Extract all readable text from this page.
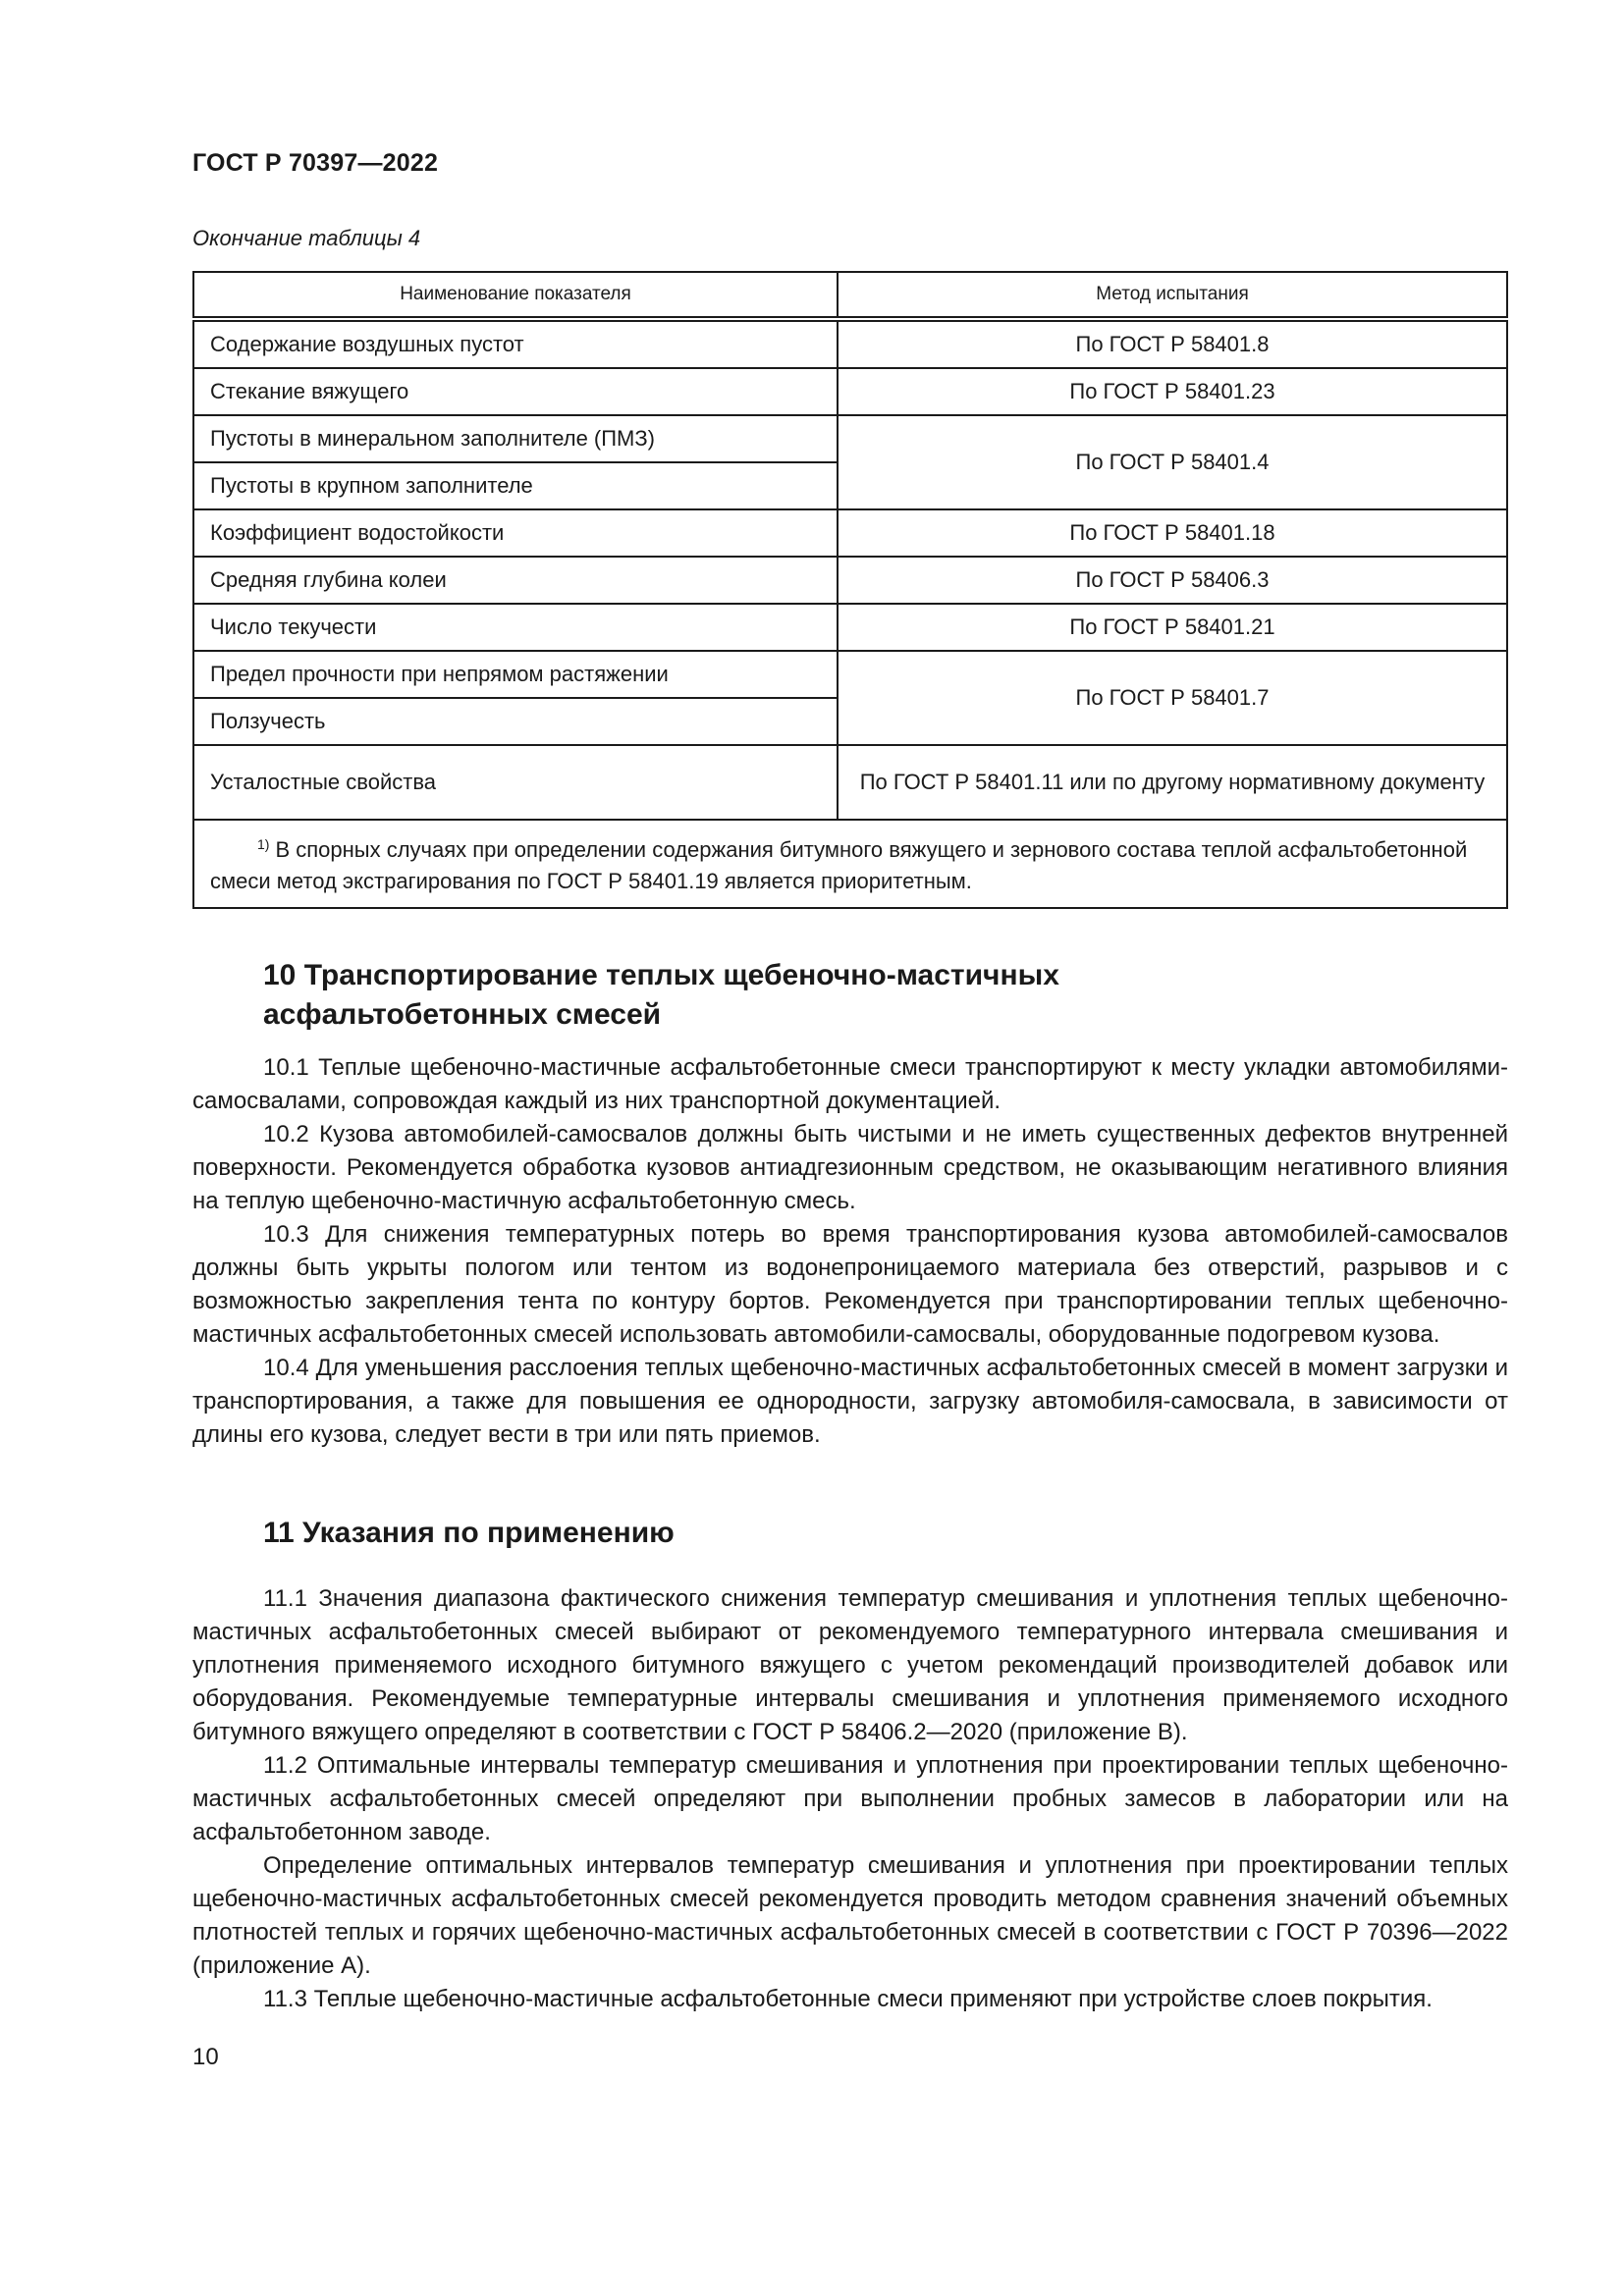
ГОСТ Р 70397—2022
Окончание таблицы 4
Наименование показателя	Метод испытания
Содержание воздушных пустот	По ГОСТ Р 58401.8
Стекание вяжущего	По ГОСТ Р 58401.23
Пустоты в минеральном заполнителе (ПМЗ)	По ГОСТ Р 58401.4
Пустоты в крупном заполнителе	
Коэффициент водостойкости	По ГОСТ Р 58401.18
Средняя глубина колеи	По ГОСТ Р 58406.3
Число текучести	По ГОСТ Р 58401.21
Предел прочности при непрямом растяжении	По ГОСТ Р 58401.7
Ползучесть	
Усталостные свойства	По ГОСТ Р 58401.11 или по другому нормативному документу
$^{1)}$ В спорных случаях при определении содержания битумного вяжущего и зернового состава теплой асфальтобетонной смеси метод экстрагирования по ГОСТ Р 58401.19 является приоритетным.	
10 Транспортирование теплых щебеночно-мастичных
асфальтобетонных смесей

10.1 Теплые щебеночно-мастичные асфальтобетонные смеси транспортируют к месту укладки автомобилями-самосвалами, сопровождая каждый из них транспортной документацией.

10.2 Кузова автомобилей-самосвалов должны быть чистыми и не иметь существенных дефектов внутренней поверхности. Рекомендуется обработка кузовов антиадгезионным средством, не оказывающим негативного влияния на теплую щебеночно-мастичную асфальтобетонную смесь.

10.3 Для снижения температурных потерь во время транспортирования кузова автомобилей-самосвалов должны быть укрыты пологом или тентом из водонепроницаемого материала без отверстий, разрывов и с возможностью закрепления тента по контуру бортов. Рекомендуется при транспортировании теплых щебеночно-мастичных асфальтобетонных смесей использовать автомобили-самосвалы, оборудованные подогревом кузова.

10.4 Для уменьшения расслоения теплых щебеночно-мастичных асфальтобетонных смесей в момент загрузки и транспортирования, а также для повышения ее однородности, загрузку автомобиля-самосвала, в зависимости от длины его кузова, следует вести в три или пять приемов.

11 Указания по применению

11.1 Значения диапазона фактического снижения температур смешивания и уплотнения теплых щебеночно-мастичных асфальтобетонных смесей выбирают от рекомендуемого температурного интервала смешивания и уплотнения применяемого исходного битумного вяжущего с учетом рекомендаций производителей добавок или оборудования. Рекомендуемые температурные интервалы смешивания и уплотнения применяемого исходного битумного вяжущего определяют в соответствии с ГОСТ Р 58406.2—2020 (приложение В).

11.2 Оптимальные интервалы температур смешивания и уплотнения при проектировании теплых щебеночно-мастичных асфальтобетонных смесей определяют при выполнении пробных замесов в лаборатории или на асфальтобетонном заводе.

Определение оптимальных интервалов температур смешивания и уплотнения при проектировании теплых щебеночно-мастичных асфальтобетонных смесей рекомендуется проводить методом сравнения значений объемных плотностей теплых и горячих щебеночно-мастичных асфальтобетонных смесей в соответствии с ГОСТ Р 70396—2022 (приложение А).

11.3 Теплые щебеночно-мастичные асфальтобетонные смеси применяют при устройстве слоев покрытия.

10
